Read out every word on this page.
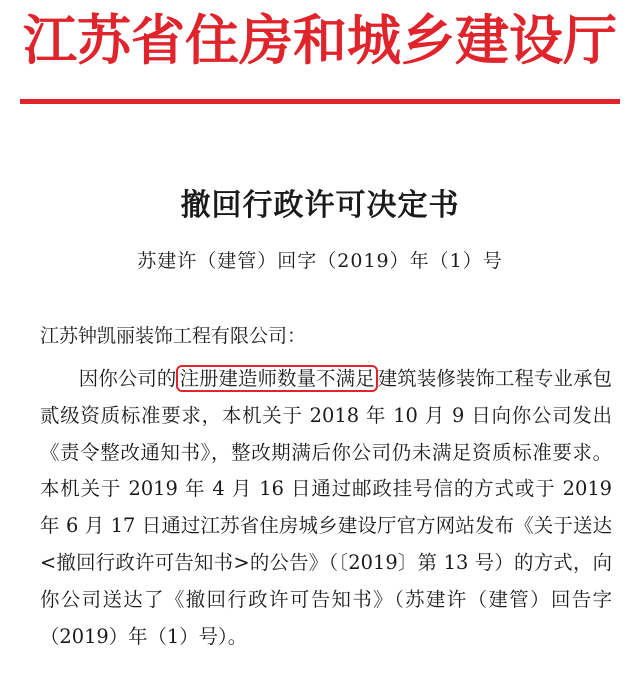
江苏省住房和城乡建设厅
撤回行政许可决定书
苏建许（建管）回字（2019）年（1）号
江苏钟凯丽装饰工程有限公司：
因你公司的 注册建造师数量不满足 建筑装修装饰工程专业承包贰级资质标准要求，本机关于 2018 年 10 月 9 日向你公司发出《责令整改通知书》，整改期满后你公司仍未满足资质标准要求。本机关于 2019 年 4 月 16 日通过邮政挂号信的方式或于 2019 年 6 月 17 日通过江苏省住房城乡建设厅官方网站发布《关于送达<撤回行政许可告知书>的公告》（〔2019〕第 13 号）的方式，向你公司送达了《撤回行政许可告知书》（苏建许（建管）回告字（2019）年（1）号）。
